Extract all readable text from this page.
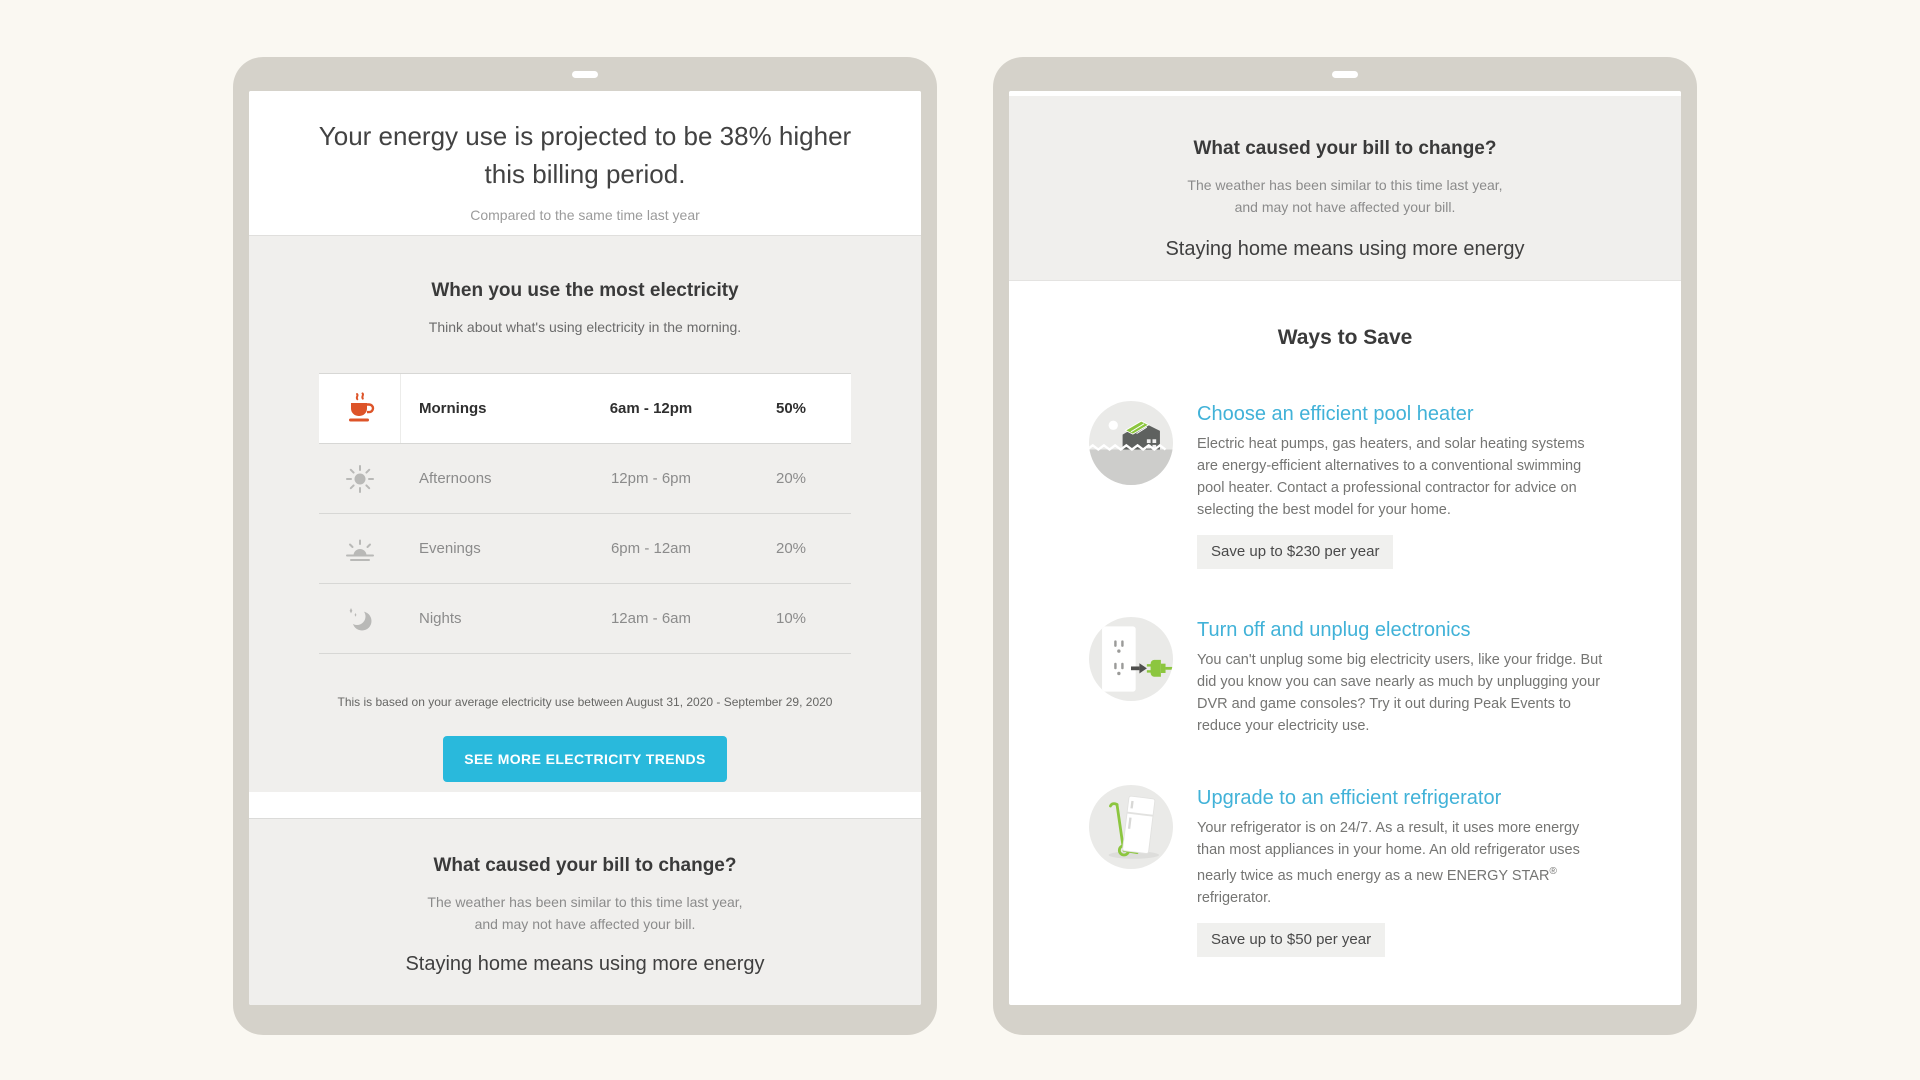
Your energy use is projected to be 38% higher this billing period.
Compared to the same time last year
When you use the most electricity
Think about what's using electricity in the morning.
Mornings	6am - 12pm	50%
Afternoons	12pm - 6pm	20%
Evenings	6pm - 12am	20%
Nights	12am - 6am	10%
This is based on your average electricity use between August 31, 2020 - September 29, 2020
SEE MORE ELECTRICITY TRENDS
What caused your bill to change?
The weather has been similar to this time last year,
and may not have affected your bill.
Staying home means using more energy
What caused your bill to change?
The weather has been similar to this time last year,
and may not have affected your bill.
Staying home means using more energy
Ways to Save
Choose an efficient pool heater
Electric heat pumps, gas heaters, and solar heating systems are energy-efficient alternatives to a conventional swimming pool heater. Contact a professional contractor for advice on selecting the best model for your home.
Save up to $230 per year
Turn off and unplug electronics
You can't unplug some big electricity users, like your fridge. But did you know you can save nearly as much by unplugging your DVR and game consoles? Try it out during Peak Events to reduce your electricity use.
Upgrade to an efficient refrigerator
Your refrigerator is on 24/7. As a result, it uses more energy than most appliances in your home. An old refrigerator uses nearly twice as much energy as a new ENERGY STAR® refrigerator.
Save up to $50 per year
